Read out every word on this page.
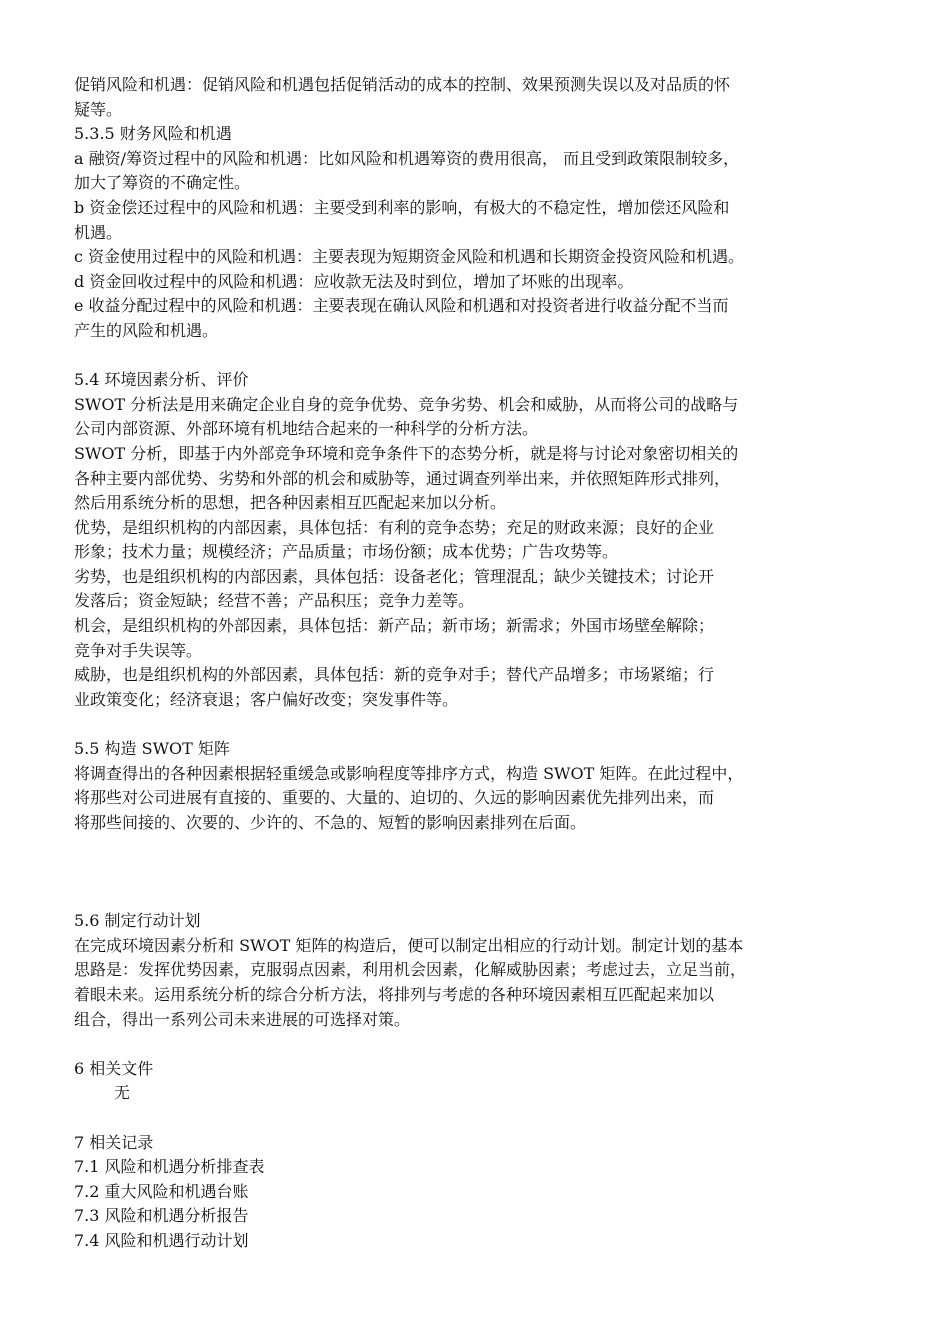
促销风险和机遇：促销风险和机遇包括促销活动的成本的控制、效果预测失误以及对品质的怀
疑等。
5.3.5 财务风险和机遇
a 融资/筹资过程中的风险和机遇：比如风险和机遇筹资的费用很高， 而且受到政策限制较多，
加大了筹资的不确定性。
b 资金偿还过程中的风险和机遇：主要受到利率的影响，有极大的不稳定性，增加偿还风险和
机遇。
c 资金使用过程中的风险和机遇：主要表现为短期资金风险和机遇和长期资金投资风险和机遇。
d 资金回收过程中的风险和机遇：应收款无法及时到位，增加了坏账的出现率。
e 收益分配过程中的风险和机遇：主要表现在确认风险和机遇和对投资者进行收益分配不当而
产生的风险和机遇。
5.4 环境因素分析、评价
SWOT 分析法是用来确定企业自身的竞争优势、竞争劣势、机会和威胁，从而将公司的战略与
公司内部资源、外部环境有机地结合起来的一种科学的分析方法。
SWOT 分析，即基于内外部竞争环境和竞争条件下的态势分析，就是将与讨论对象密切相关的
各种主要内部优势、劣势和外部的机会和威胁等，通过调查列举出来，并依照矩阵形式排列，
然后用系统分析的思想，把各种因素相互匹配起来加以分析。
优势，是组织机构的内部因素，具体包括：有利的竞争态势；充足的财政来源；良好的企业
形象；技术力量；规模经济；产品质量；市场份额；成本优势；广告攻势等。
劣势，也是组织机构的内部因素，具体包括：设备老化；管理混乱；缺少关键技术；讨论开
发落后；资金短缺；经营不善；产品积压；竞争力差等。
机会，是组织机构的外部因素，具体包括：新产品；新市场；新需求；外国市场壁垒解除；
竞争对手失误等。
威胁，也是组织机构的外部因素，具体包括：新的竞争对手；替代产品增多；市场紧缩；行
业政策变化；经济衰退；客户偏好改变；突发事件等。
5.5 构造 SWOT 矩阵
将调查得出的各种因素根据轻重缓急或影响程度等排序方式，构造 SWOT 矩阵。在此过程中，
将那些对公司进展有直接的、重要的、大量的、迫切的、久远的影响因素优先排列出来，而
将那些间接的、次要的、少许的、不急的、短暂的影响因素排列在后面。
5.6 制定行动计划
在完成环境因素分析和 SWOT 矩阵的构造后，便可以制定出相应的行动计划。制定计划的基本
思路是：发挥优势因素，克服弱点因素，利用机会因素，化解威胁因素；考虑过去，立足当前，
着眼未来。运用系统分析的综合分析方法，将排列与考虑的各种环境因素相互匹配起来加以
组合，得出一系列公司未来进展的可选择对策。
6 相关文件
无
7 相关记录
7.1 风险和机遇分析排查表
7.2 重大风险和机遇台账
7.3 风险和机遇分析报告
7.4 风险和机遇行动计划
